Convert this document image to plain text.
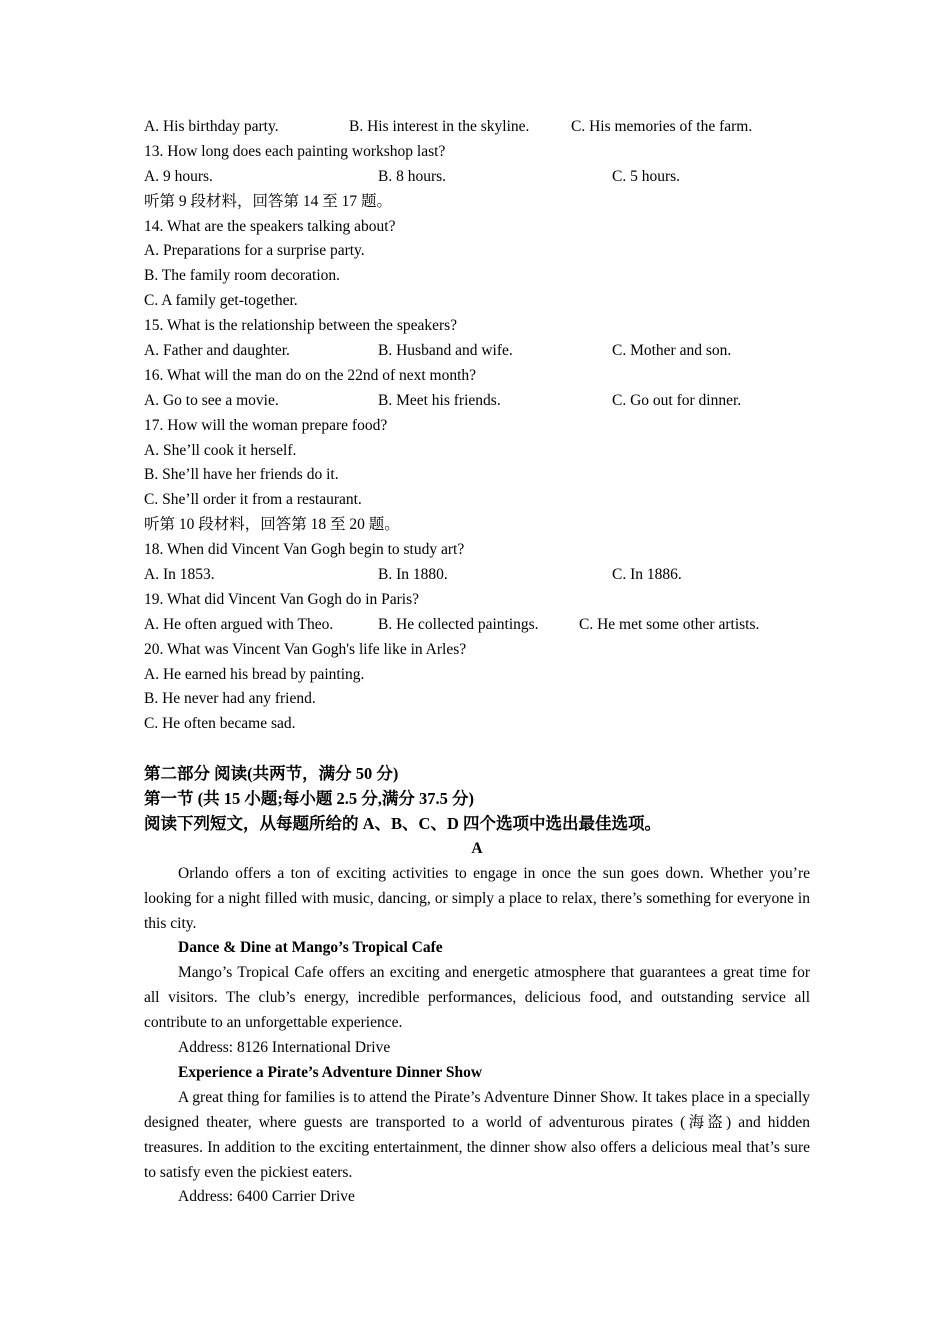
A. His birthday party.	B. His interest in the skyline.	C. His memories of the farm.
13. How long does each painting workshop last?
A. 9 hours.	B. 8 hours.	C. 5 hours.
听第 9 段材料，回答第 14 至 17 题。
14. What are the speakers talking about?
A. Preparations for a surprise party.
B. The family room decoration.
C. A family get-together.
15. What is the relationship between the speakers?
A. Father and daughter.	B. Husband and wife.	C. Mother and son.
16. What will the man do on the 22nd of next month?
A. Go to see a movie.	B. Meet his friends.	C. Go out for dinner.
17. How will the woman prepare food?
A. She’ll cook it herself.
B. She’ll have her friends do it.
C. She’ll order it from a restaurant.
听第 10 段材料，回答第 18 至 20 题。
18. When did Vincent Van Gogh begin to study art?
A. In 1853.	B. In 1880.	C. In 1886.
19. What did Vincent Van Gogh do in Paris?
A. He often argued with Theo.	B. He collected paintings.	C. He met some other artists.
20. What was Vincent Van Gogh's life like in Arles?
A. He earned his bread by painting.
B. He never had any friend.
C. He often became sad.
第二部分 阅读(共两节，满分 50 分)
第一节 (共 15 小题;每小题 2.5 分,满分 37.5 分)
阅读下列短文，从每题所给的 A、B、C、D 四个选项中选出最佳选项。
A
Orlando offers a ton of exciting activities to engage in once the sun goes down. Whether you’re looking for a night filled with music, dancing, or simply a place to relax, there’s something for everyone in this city.
Dance & Dine at Mango’s Tropical Cafe
Mango’s Tropical Cafe offers an exciting and energetic atmosphere that guarantees a great time for all visitors. The club’s energy, incredible performances, delicious food, and outstanding service all contribute to an unforgettable experience.
Address: 8126 International Drive
Experience a Pirate’s Adventure Dinner Show
A great thing for families is to attend the Pirate’s Adventure Dinner Show. It takes place in a specially designed theater, where guests are transported to a world of adventurous pirates (海盗) and hidden treasures. In addition to the exciting entertainment, the dinner show also offers a delicious meal that’s sure to satisfy even the pickiest eaters.
Address: 6400 Carrier Drive
